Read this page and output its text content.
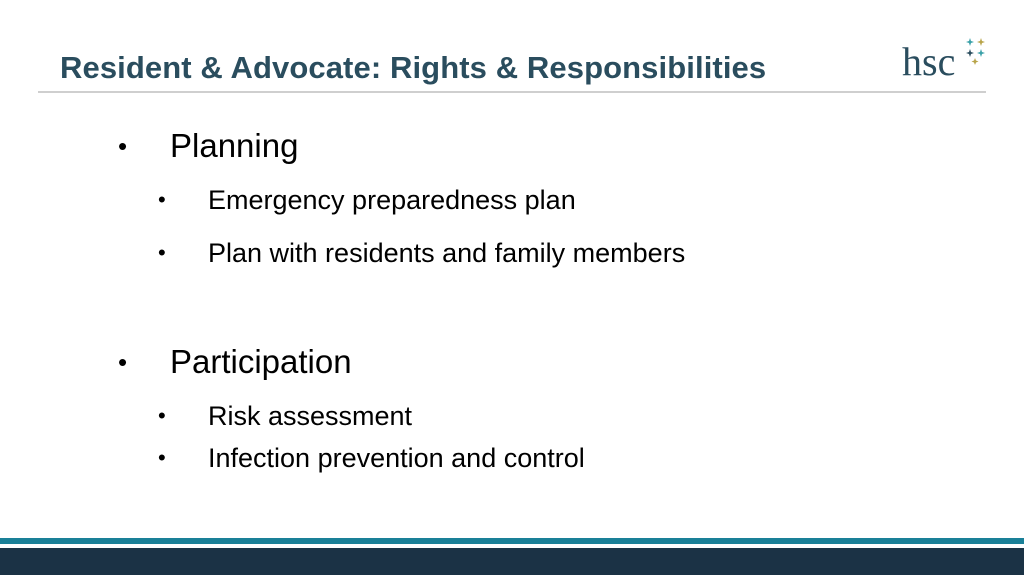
Resident & Advocate: Rights & Responsibilities	hsc
• Planning
• Emergency preparedness plan
• Plan with residents and family members
• Participation
• Risk assessment
• Infection prevention and control
